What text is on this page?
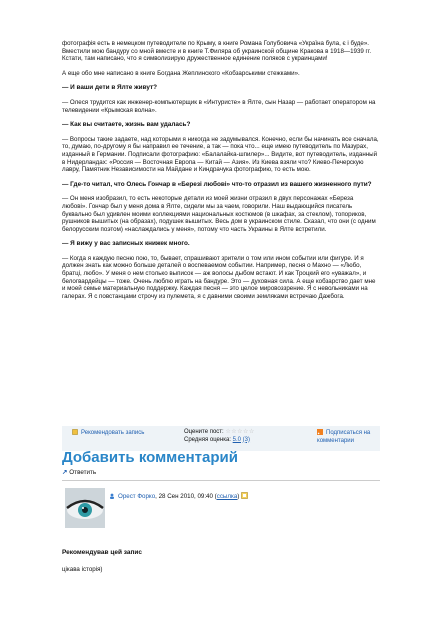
фотографія есть в немецком путеводителе по Крыму, в книге Романа Голубовича «Україна була, є і буде». Вместили мою бандуру со мной вместе и в книге Т.Филяра об украинской общине Кракова в 1918—1939 гг. Кстати, там написано, что я символизирую дружественное единение поляков с украинцами!

А еще обо мне написано в книге Богдана Жеплинского «Кобзарськими стежками».

— И ваши дети в Ялте живут?

— Олеся трудится как инженер-компьютерщик в «Интуристе» в Ялте, сын Назар — работает оператором на телевидении «Крымская волна».

— Как вы считаете, жизнь вам удалась?

— Вопросы такие задаете, над которыми я никогда не задумывался. Конечно, если бы начинать все сначала, то, думаю, по-другому я бы направил ее течение, а так — пока что... еще имею путеводитель по Мазурах, изданный в Германии. Подписали фотографию: «Балалайка-шпилер»... Видите, вот путеводитель, изданный в Нидерландах: «Россия — Восточная Европа — Китай — Азия». Из Киева взяли что? Киево-Печерскую лавру, Памятник Независимости на Майдане и Киндрачука фотографию, то есть мою.

— Где-то читал, что Олесь Гончар в «Березі любові» что-то отразил из вашего жизненного пути?

— Он меня изобразил, то есть некоторые детали из моей жизни отразил в двух персонажах «Береза любові». Гончар был у меня дома в Ялте, сидели мы за чаем, говорили. Наш выдающийся писатель буквально был удивлен моими коллекциями национальных костюмов (в шкафах, за стеклом), топориков, рушников вышитых (на образах), подушек вышитых. Весь дом в украинском стиле. Сказал, что они (с одним белорусским поэтом) «наслаждались у меня», потому что часть Украины в Ялте встретили.

— Я вижу у вас записных книжек много.

— Когда я каждую песню пою, то, бывает, спрашивают зрители о том или ином событии или фигуре. И я должен знать как можно больше деталей о воспеваемом событии. Например, песня о Махно — «Любо, братці, любо». У меня о нем столько выписок — аж волосы дыбом встают. И как Троцкий его «уважал», и белогвардейцы — тоже. Очень люблю играть на бандуре. Это — духовная сила. А еще кобзарство дает мне и моей семье материальную поддержку. Каждая песня — это целое мировоззрение. Я с невольниками на галерах. Я с повстанцами строчу из пулемета, я с давними своими земляками встречаю Дажбога.

Рекомендовать запись	Оцените пост: ☆☆☆☆☆
Средняя оценка: 5.0 (3)
Подписаться на комментарии
Добавить комментарий
↗ Ответить
Орест Форко, 28 Сен 2010, 09:40 (ссылка)
Рекомендував цей запис
цікава історія)
